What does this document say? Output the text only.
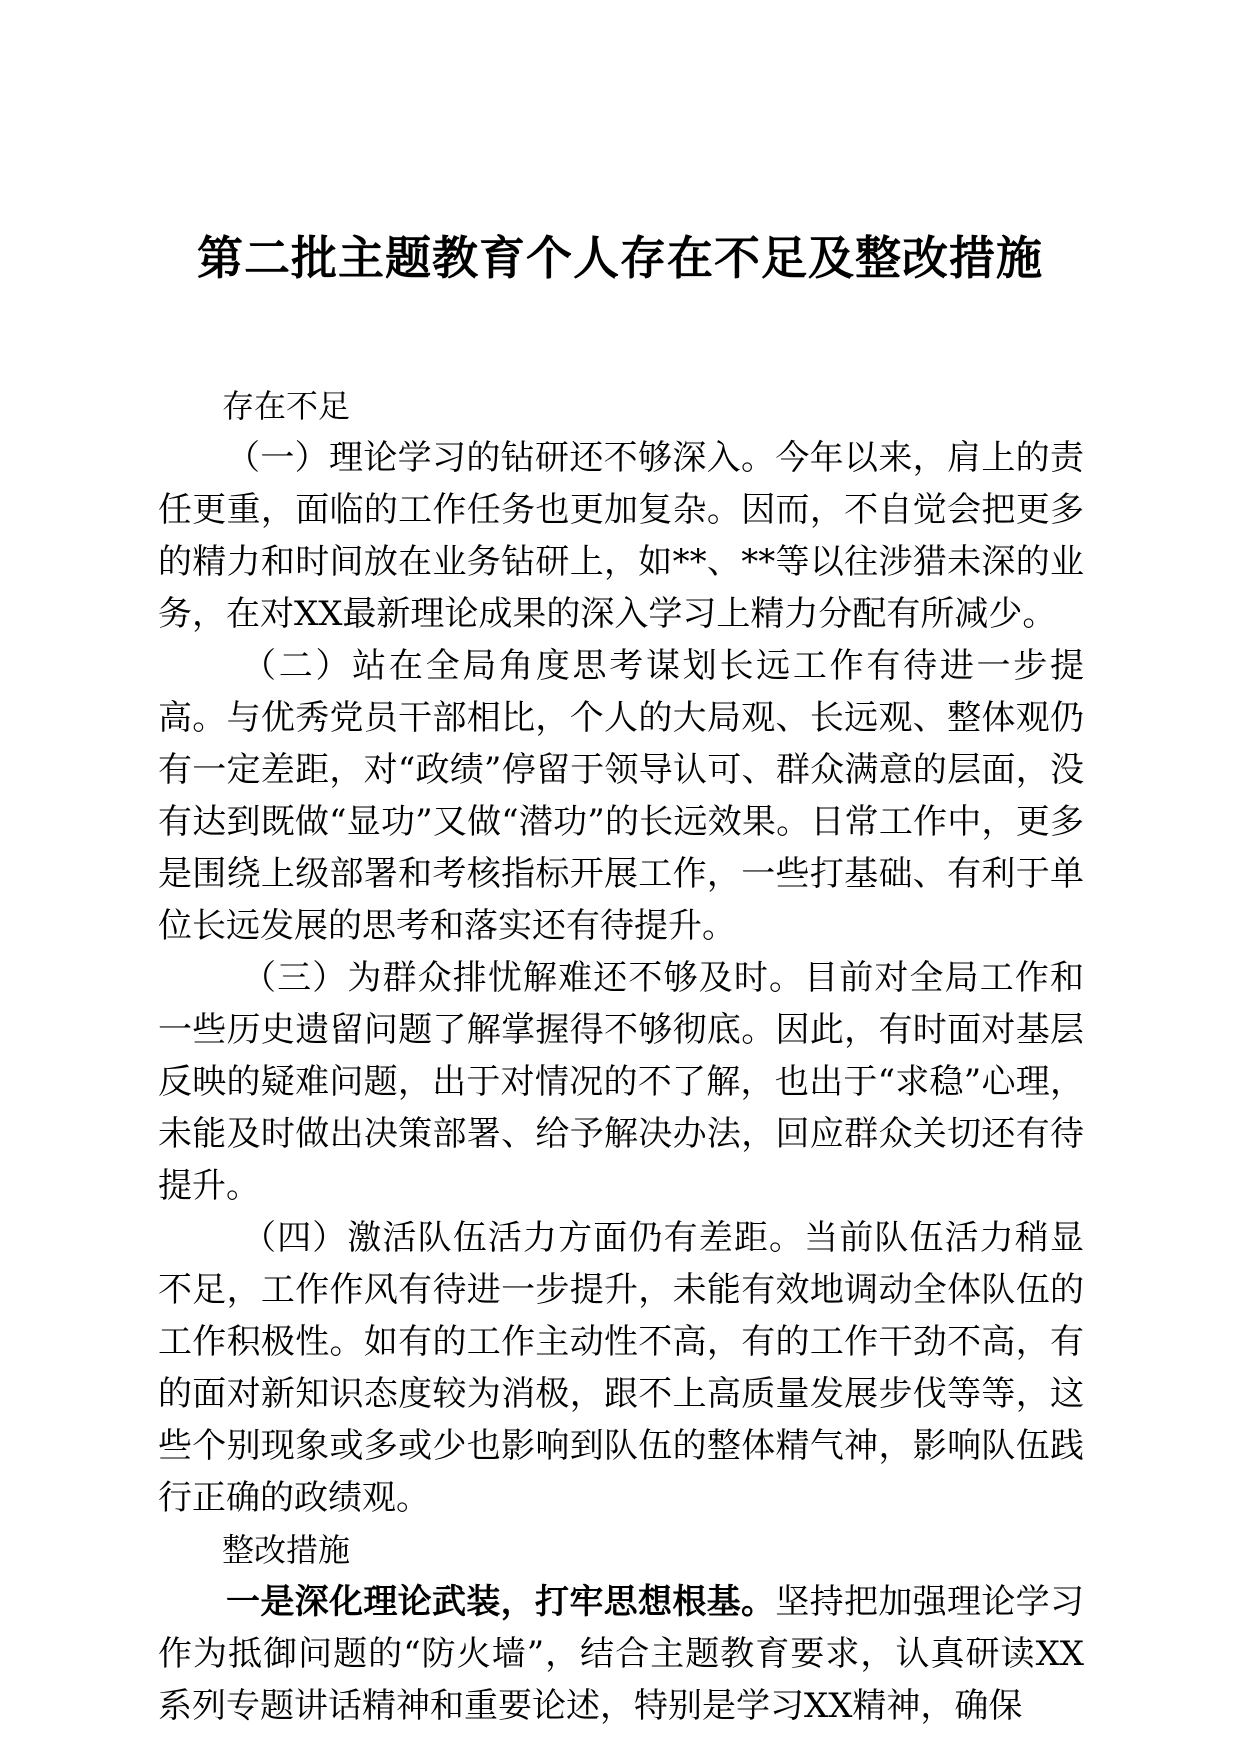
第二批主题教育个人存在不足及整改措施

存在不足

（一）理论学习的钻研还不够深入。今年以来，肩上的责任更重，面临的工作任务也更加复杂。因而，不自觉会把更多的精力和时间放在业务钻研上，如**、**等以往涉猎未深的业务，在对XX最新理论成果的深入学习上精力分配有所减少。

（二）站在全局角度思考谋划长远工作有待进一步提高。与优秀党员干部相比，个人的大局观、长远观、整体观仍有一定差距，对“政绩”停留于领导认可、群众满意的层面，没有达到既做“显功”又做“潜功”的长远效果。日常工作中，更多是围绕上级部署和考核指标开展工作，一些打基础、有利于单位长远发展的思考和落实还有待提升。

（三）为群众排忧解难还不够及时。目前对全局工作和一些历史遗留问题了解掌握得不够彻底。因此，有时面对基层反映的疑难问题，出于对情况的不了解，也出于“求稳”心理，未能及时做出决策部署、给予解决办法，回应群众关切还有待提升。

（四）激活队伍活力方面仍有差距。当前队伍活力稍显不足，工作作风有待进一步提升，未能有效地调动全体队伍的工作积极性。如有的工作主动性不高，有的工作干劲不高，有的面对新知识态度较为消极，跟不上高质量发展步伐等等，这些个别现象或多或少也影响到队伍的整体精气神，影响队伍践行正确的政绩观。

整改措施

一是深化理论武装，打牢思想根基。坚持把加强理论学习作为抵御问题的“防火墙”，结合主题教育要求，认真研读XX系列专题讲话精神和重要论述，特别是学习XX精神，确保
